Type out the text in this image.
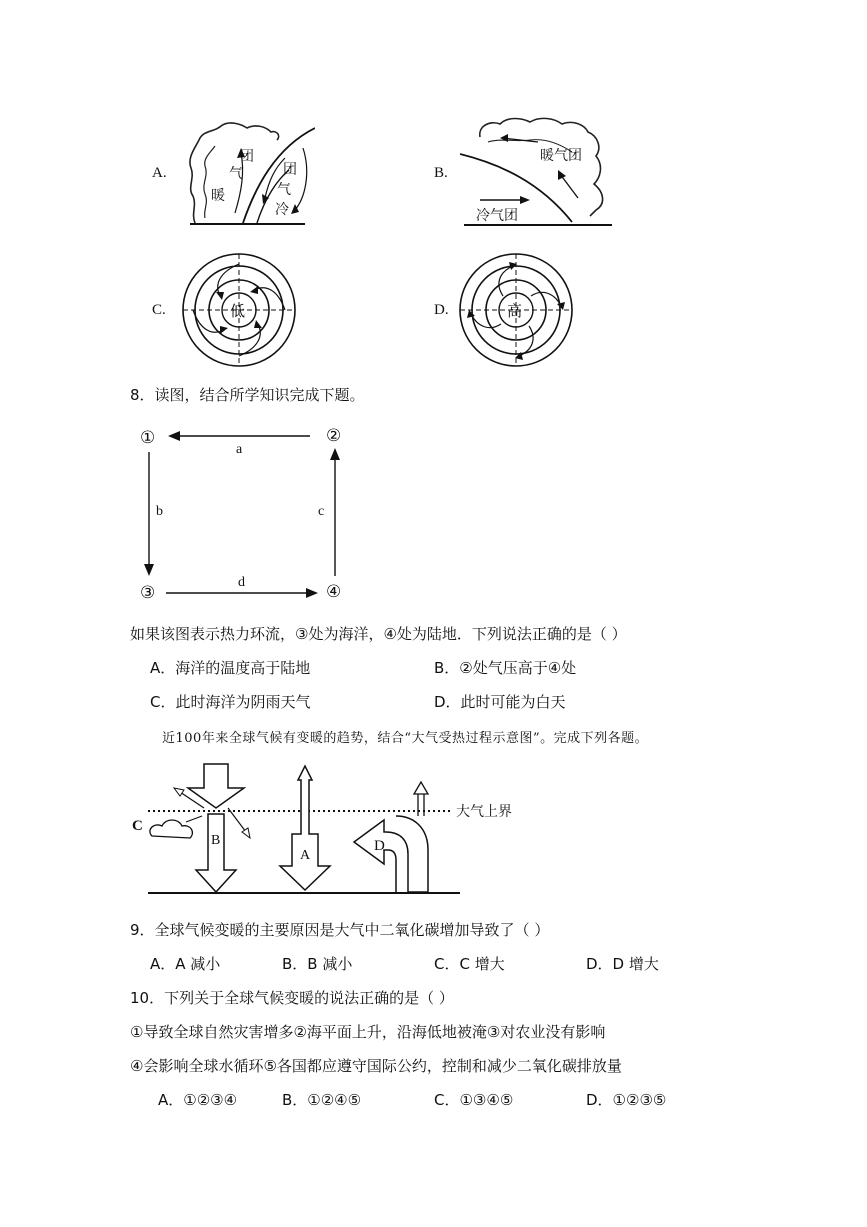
A.
团
气
暖
团
气
冷
B.
暖气团
冷气团
C.	低	D.	高
8．读图，结合所学知识完成下题。
①	②
③	④
a
b
d
c
如果该图表示热力环流，③处为海洋，④处为陆地．下列说法正确的是（ ）
A．海洋的温度高于陆地	B．②处气压高于④处
C．此时海洋为阴雨天气	D．此时可能为白天
近100年来全球气候有变暖的趋势，结合“大气受热过程示意图”。完成下列各题。
大气上界
B
C
A
D
9．全球气候变暖的主要原因是大气中二氧化碳增加导致了（ ）
A．A 减小	B．B 减小	C．C 增大	D．D 增大
10．下列关于全球气候变暖的说法正确的是（ ）
①导致全球自然灾害增多②海平面上升，沿海低地被淹③对农业没有影响
④会影响全球水循环⑤各国都应遵守国际公约，控制和减少二氧化碳排放量
A．①②③④	B．①②④⑤	C．①③④⑤	D．①②③⑤
